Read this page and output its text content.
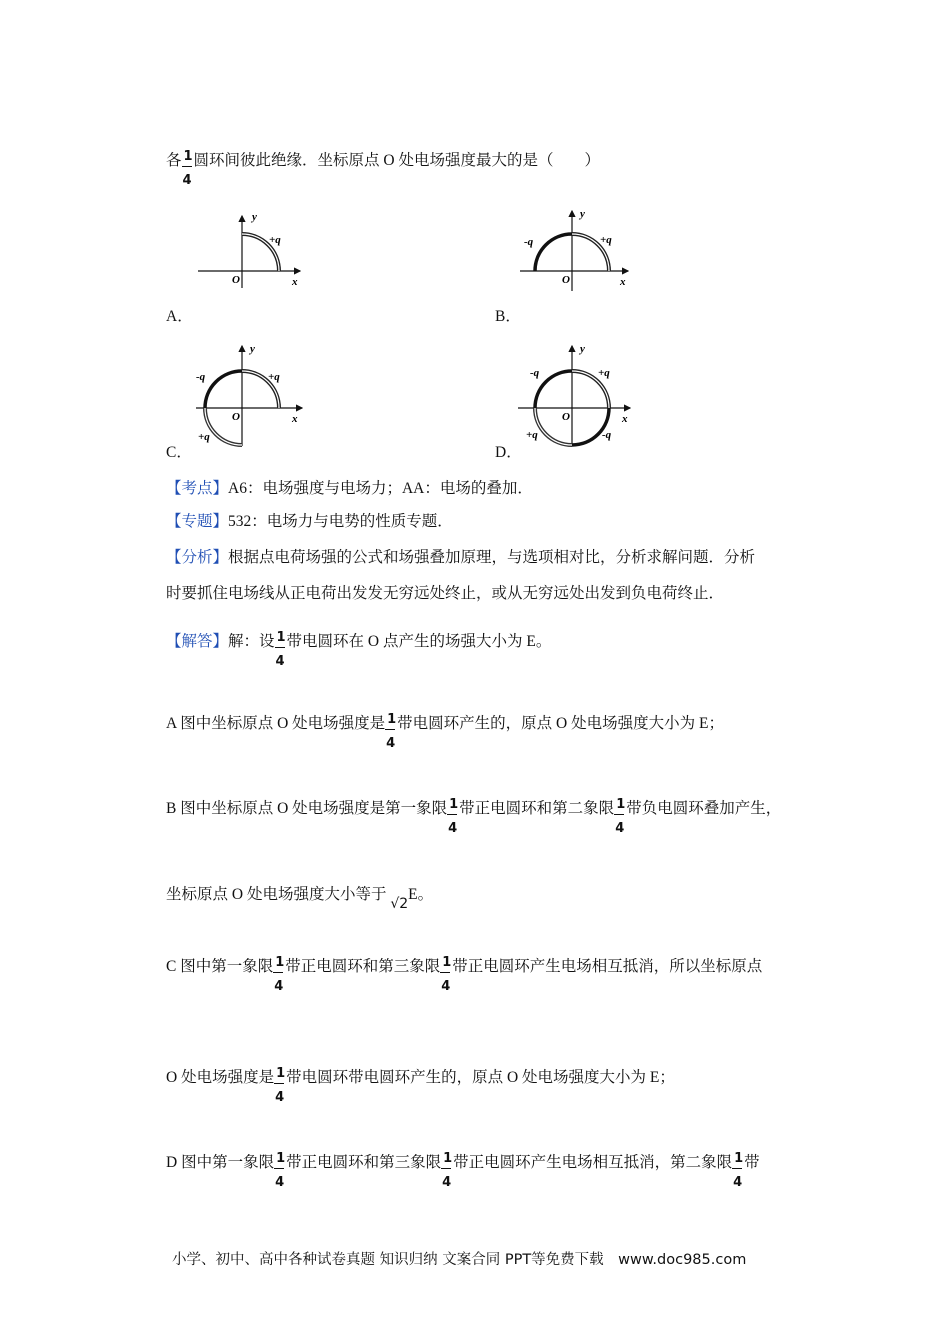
各 $\frac{1}{4}$ 圆环间彼此绝缘．坐标原点 O 处电场强度最大的是（　　）
y
x
O
+q
A．
y
x
O
+q
-q
B．
y
x
O
+q
-q
+q
C．
y
x
O
+q
-q
+q	-q
D．
【考点】A6：电场强度与电场力；AA：电场的叠加．
【专题】532：电场力与电势的性质专题．
【分析】根据点电荷场强的公式和场强叠加原理，与选项相对比，分析求解问题．分析
时要抓住电场线从正电荷出发发无穷远处终止，或从无穷远处出发到负电荷终止．
【解答】解：设 $\frac{1}{4}$ 带电圆环在 O 点产生的场强大小为 E。
A 图中坐标原点 O 处电场强度是 $\frac{1}{4}$ 带电圆环产生的，原点 O 处电场强度大小为 E；
B 图中坐标原点 O 处电场强度是第一象限 $\frac{1}{4}$ 带正电圆环和第二象限 $\frac{1}{4}$ 带负电圆环叠加产生，
坐标原点 O 处电场强度大小等于 √2E。
C 图中第一象限 $\frac{1}{4}$ 带正电圆环和第三象限 $\frac{1}{4}$ 带正电圆环产生电场相互抵消，所以坐标原点
O 处电场强度是 $\frac{1}{4}$ 带电圆环带电圆环产生的，原点 O 处电场强度大小为 E；
D 图中第一象限 $\frac{1}{4}$ 带正电圆环和第三象限 $\frac{1}{4}$ 带正电圆环产生电场相互抵消，第二象限 $\frac{1}{4}$ 带
小学、初中、高中各种试卷真题 知识归纳 文案合同 PPT等免费下载　www.doc985.com
